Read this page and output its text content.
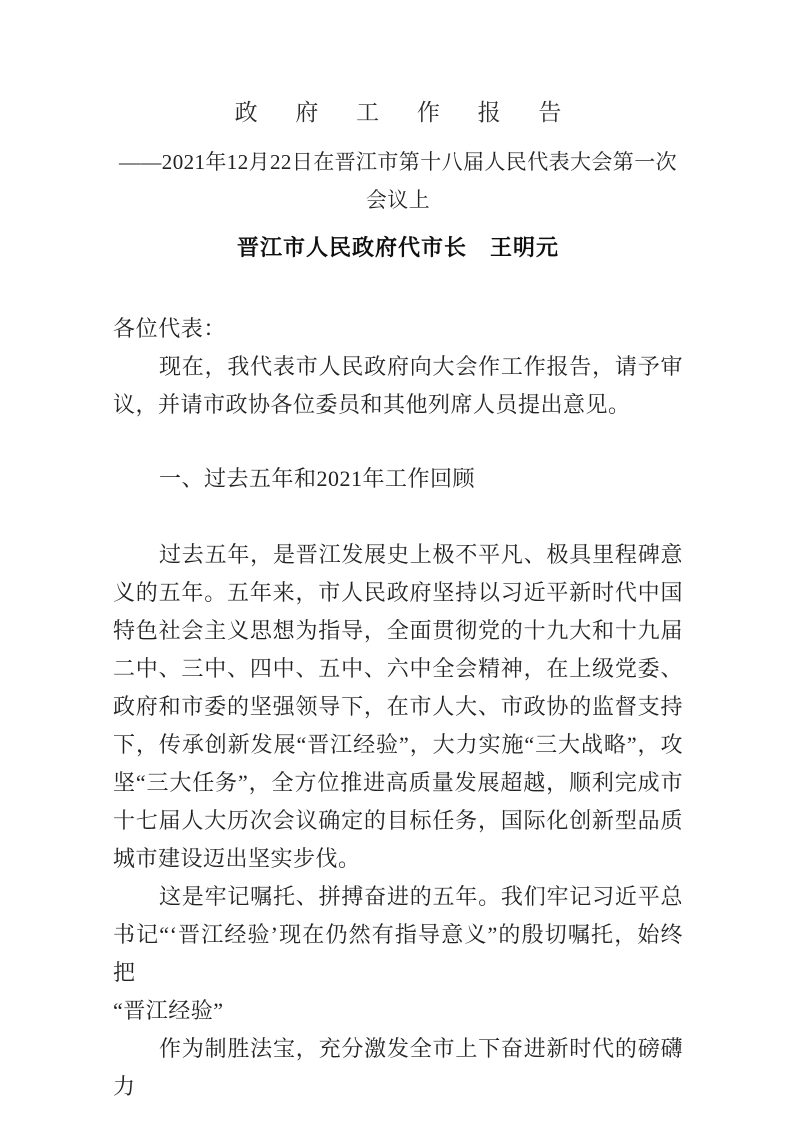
政 府 工 作 报 告

——2021年12月22日在晋江市第十八届人民代表大会第一次会议上

晋江市人民政府代市长　王明元

各位代表：

现在，我代表市人民政府向大会作工作报告，请予审议，并请市政协各位委员和其他列席人员提出意见。

一、过去五年和2021年工作回顾

过去五年，是晋江发展史上极不平凡、极具里程碑意义的五年。五年来，市人民政府坚持以习近平新时代中国特色社会主义思想为指导，全面贯彻党的十九大和十九届二中、三中、四中、五中、六中全会精神，在上级党委、政府和市委的坚强领导下，在市人大、市政协的监督支持下，传承创新发展“晋江经验”，大力实施“三大战略”，攻坚“三大任务”，全方位推进高质量发展超越，顺利完成市十七届人大历次会议确定的目标任务，国际化创新型品质城市建设迈出坚实步伐。

这是牢记嘱托、拼搏奋进的五年。我们牢记习近平总书记“‘晋江经验’现在仍然有指导意义”的殷切嘱托，始终把

“晋江经验”

作为制胜法宝，充分激发全市上下奋进新时代的磅礴力
